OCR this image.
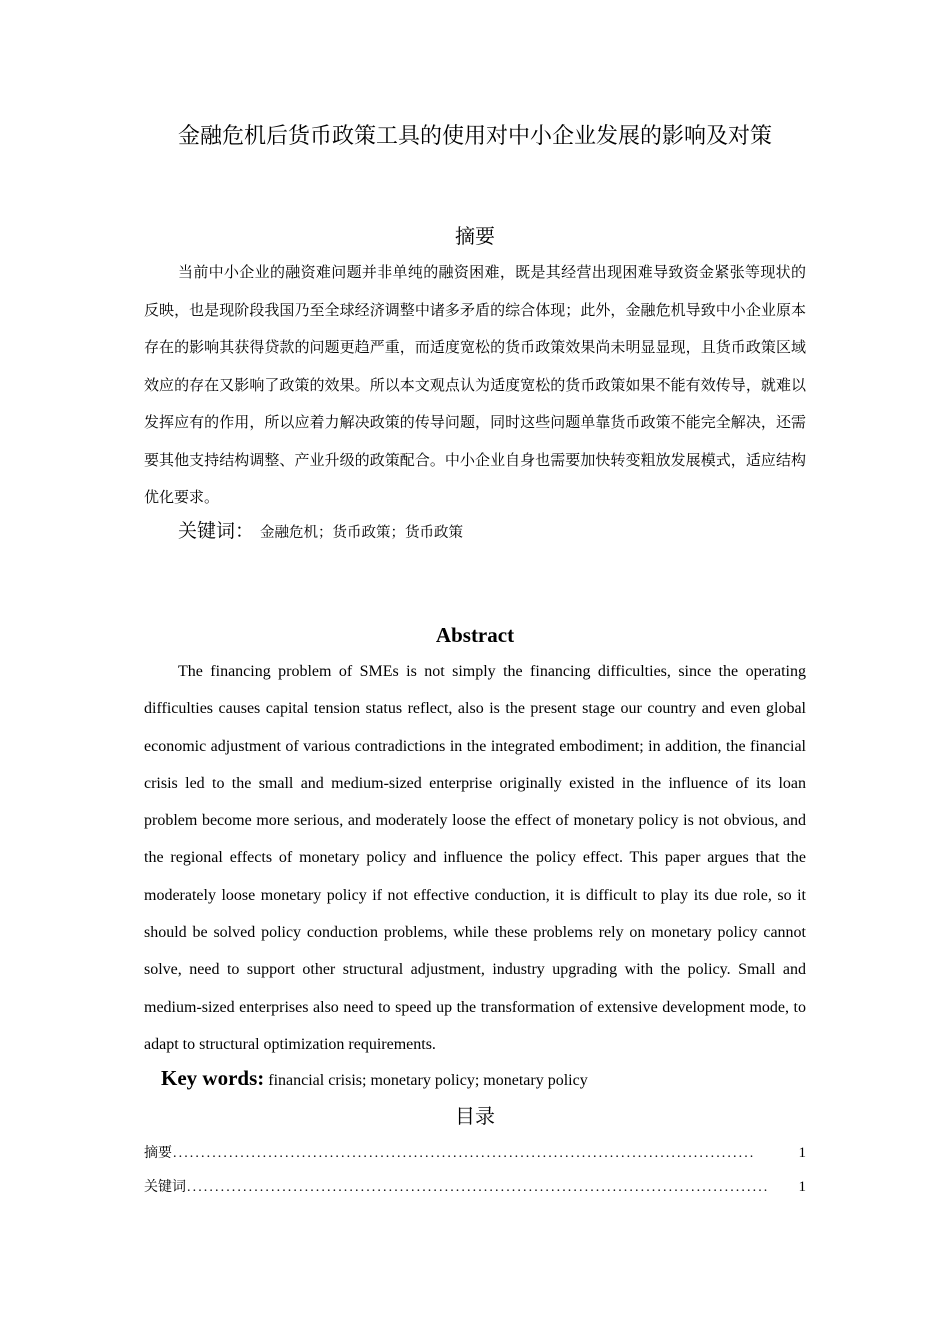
金融危机后货币政策工具的使用对中小企业发展的影响及对策
摘要

当前中小企业的融资难问题并非单纯的融资困难，既是其经营出现困难导致资金紧张等现状的反映，也是现阶段我国乃至全球经济调整中诸多矛盾的综合体现；此外，金融危机导致中小企业原本存在的影响其获得贷款的问题更趋严重，而适度宽松的货币政策效果尚未明显显现，且货币政策区域效应的存在又影响了政策的效果。所以本文观点认为适度宽松的货币政策如果不能有效传导，就难以发挥应有的作用，所以应着力解决政策的传导问题，同时这些问题单靠货币政策不能完全解决，还需要其他支持结构调整、产业升级的政策配合。中小企业自身也需要加快转变粗放发展模式，适应结构优化要求。

关键词： 金融危机；货币政策；货币政策
Abstract

The financing problem of SMEs is not simply the financing difficulties, since the operating difficulties causes capital tension status reflect, also is the present stage our country and even global economic adjustment of various contradictions in the integrated embodiment; in addition, the financial crisis led to the small and medium-sized enterprise originally existed in the influence of its loan problem become more serious, and moderately loose the effect of monetary policy is not obvious, and the regional effects of monetary policy and influence the policy effect. This paper argues that the moderately loose monetary policy if not effective conduction, it is difficult to play its due role, so it should be solved policy conduction problems, while these problems rely on monetary policy cannot solve, need to support other structural adjustment, industry upgrading with the policy. Small and medium-sized enterprises also need to speed up the transformation of extensive development mode, to adapt to structural optimization requirements.

Key words: financial crisis; monetary policy; monetary policy
目录
摘要 ........................................................................................................	1
关键词 ........................................................................................................	1
